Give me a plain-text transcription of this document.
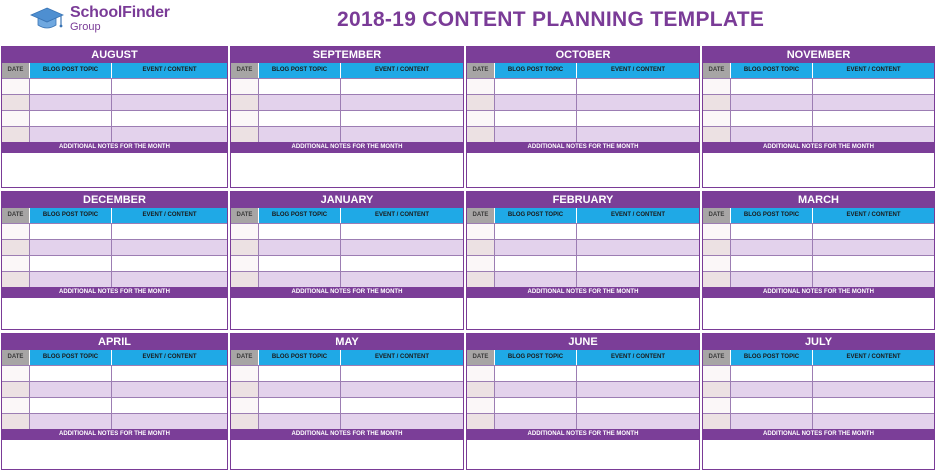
SchoolFinder
Group	2018-19 CONTENT PLANNING TEMPLATE
AUGUST
DATE	BLOG POST TOPIC	EVENT / CONTENT
ADDITIONAL NOTES FOR THE MONTH
SEPTEMBER
DATE	BLOG POST TOPIC	EVENT / CONTENT
ADDITIONAL NOTES FOR THE MONTH
OCTOBER
DATE	BLOG POST TOPIC	EVENT / CONTENT
ADDITIONAL NOTES FOR THE MONTH
NOVEMBER
DATE	BLOG POST TOPIC	EVENT / CONTENT
ADDITIONAL NOTES FOR THE MONTH
DECEMBER
DATE	BLOG POST TOPIC	EVENT / CONTENT
ADDITIONAL NOTES FOR THE MONTH
JANUARY
DATE	BLOG POST TOPIC	EVENT / CONTENT
ADDITIONAL NOTES FOR THE MONTH
FEBRUARY
DATE	BLOG POST TOPIC	EVENT / CONTENT
ADDITIONAL NOTES FOR THE MONTH
MARCH
DATE	BLOG POST TOPIC	EVENT / CONTENT
ADDITIONAL NOTES FOR THE MONTH
APRIL
DATE	BLOG POST TOPIC	EVENT / CONTENT
ADDITIONAL NOTES FOR THE MONTH
MAY
DATE	BLOG POST TOPIC	EVENT / CONTENT
ADDITIONAL NOTES FOR THE MONTH
JUNE
DATE	BLOG POST TOPIC	EVENT / CONTENT
ADDITIONAL NOTES FOR THE MONTH
JULY
DATE	BLOG POST TOPIC	EVENT / CONTENT
ADDITIONAL NOTES FOR THE MONTH
